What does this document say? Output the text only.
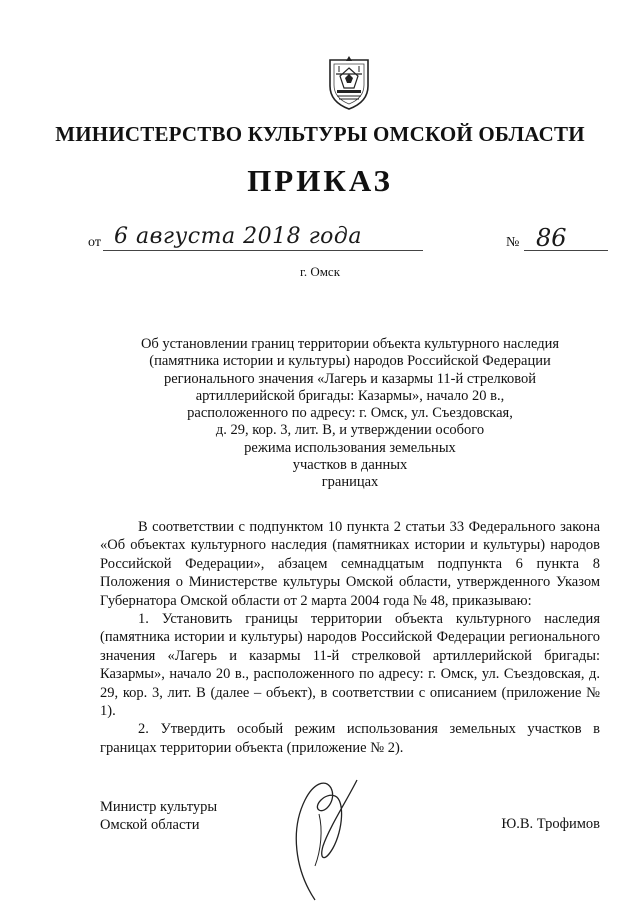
МИНИСТЕРСТВО КУЛЬТУРЫ ОМСКОЙ ОБЛАСТИ
ПРИКАЗ
от 6 августа 2018 года	№ 86
г. Омск
Об установлении границ территории объекта культурного наследия
(памятника истории и культуры) народов Российской Федерации
регионального значения «Лагерь и казармы 11-й стрелковой
артиллерийской бригады: Казармы», начало 20 в.,
расположенного по адресу: г. Омск, ул. Съездовская,
д. 29, кор. 3, лит. В, и утверждении особого
режима использования земельных
участков в данных
границах

В соответствии с подпунктом 10 пункта 2 статьи 33 Федерального закона «Об объектах культурного наследия (памятниках истории и культуры) народов Российской Федерации», абзацем семнадцатым подпункта 6 пункта 8 Положения о Министерстве культуры Омской области, утвержденного Указом Губернатора Омской области от 2 марта 2004 года № 48, приказываю:

1. Установить границы территории объекта культурного наследия (памятника истории и культуры) народов Российской Федерации регионального значения «Лагерь и казармы 11-й стрелковой артиллерийской бригады: Казармы», начало 20 в., расположенного по адресу: г. Омск, ул. Съездовская, д. 29, кор. 3, лит. В (далее – объект), в соответствии с описанием (приложение № 1).

2. Утвердить особый режим использования земельных участков в границах территории объекта (приложение № 2).

Министр культуры
Омской области	Ю.В. Трофимов
